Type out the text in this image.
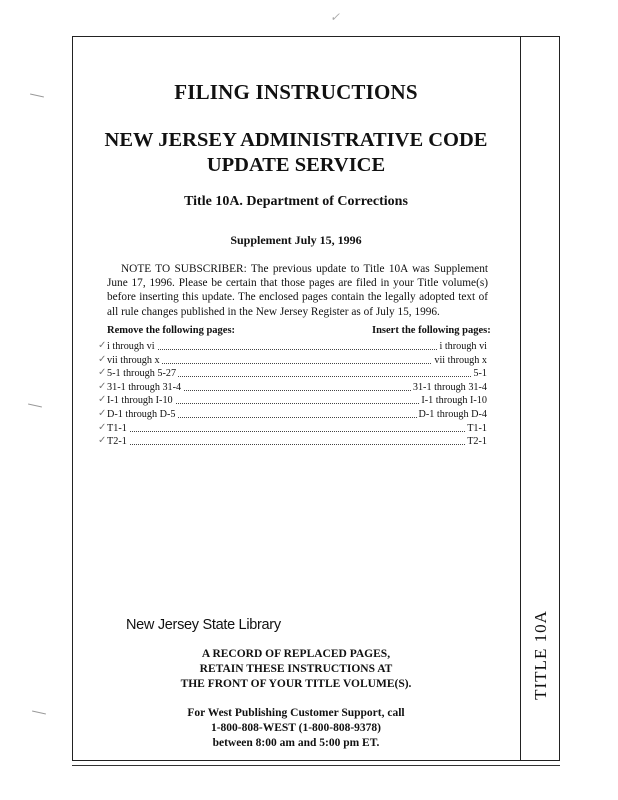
✓
FILING INSTRUCTIONS
NEW JERSEY ADMINISTRATIVE CODE
UPDATE SERVICE
Title 10A. Department of Corrections
Supplement July 15, 1996
NOTE TO SUBSCRIBER: The previous update to Title 10A was Supplement June 17, 1996. Please be certain that those pages are filed in your Title volume(s) before inserting this update. The enclosed pages contain the legally adopted text of all rule changes published in the New Jersey Register as of July 15, 1996.
Remove the following pages:	Insert the following pages:
✓ i through vi	i through vi
✓ vii through x	vii through x
✓ 5-1 through 5-27	5-1
✓ 31-1 through 31-4	31-1 through 31-4
✓ I-1 through I-10	I-1 through I-10
✓ D-1 through D-5	D-1 through D-4
✓ T1-1	T1-1
✓ T2-1	T2-1
New Jersey State Library
A RECORD OF REPLACED PAGES,
RETAIN THESE INSTRUCTIONS AT
THE FRONT OF YOUR TITLE VOLUME(S).
For West Publishing Customer Support, call
1-800-808-WEST (1-800-808-9378)
between 8:00 am and 5:00 pm ET.
TITLE 10A
